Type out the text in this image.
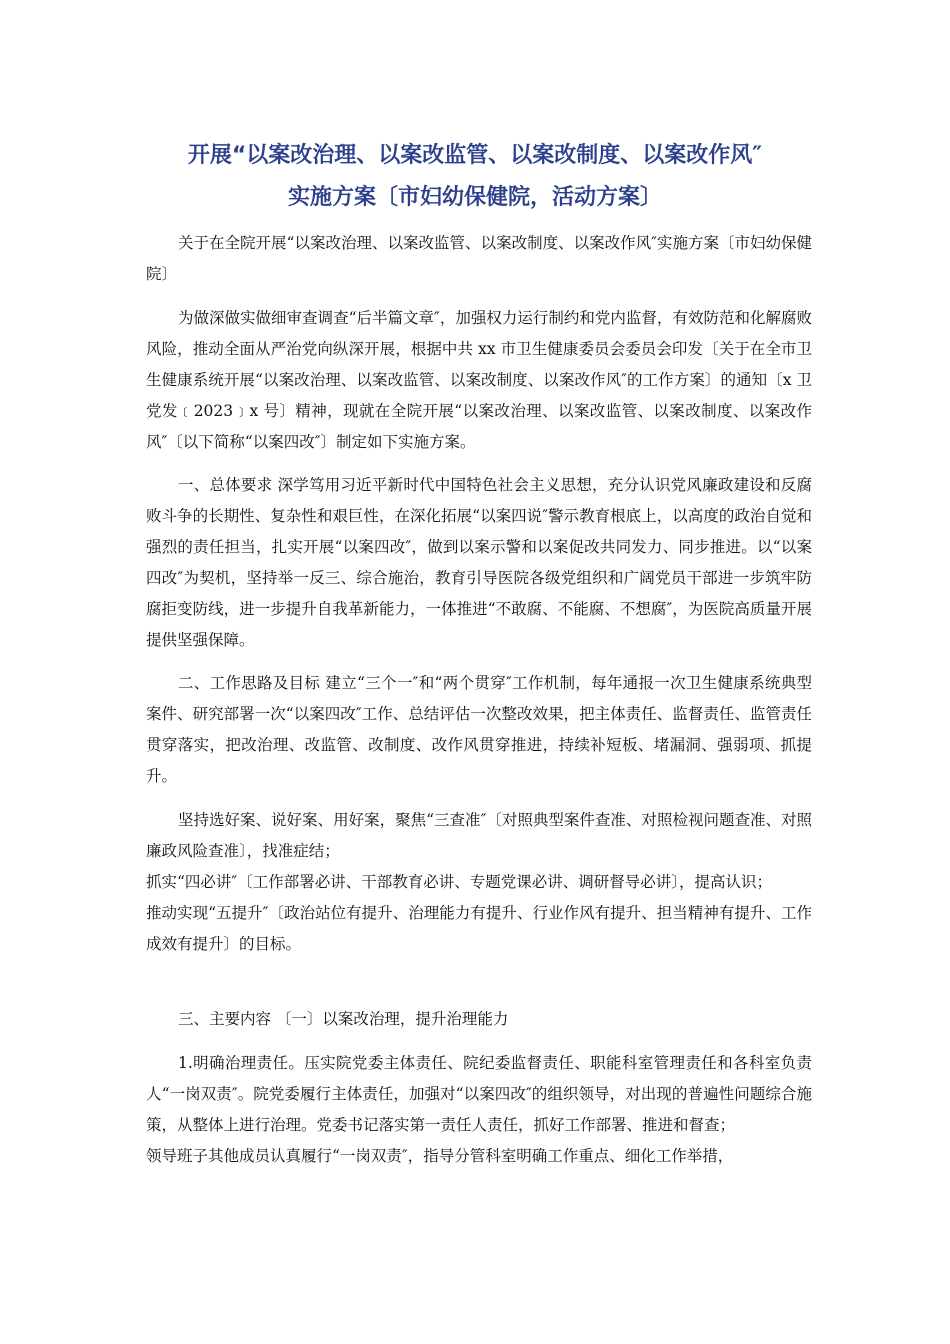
开展“以案改治理、以案改监管、以案改制度、以案改作风″
实施方案〔市妇幼保健院，活动方案〕

关于在全院开展“以案改治理、以案改监管、以案改制度、以案改作风″实施方案〔市妇幼保健院〕

为做深做实做细审查调查“后半篇文章″，加强权力运行制约和党内监督，有效防范和化解腐败风险，推动全面从严治党向纵深开展，根据中共 xx 市卫生健康委员会委员会印发〔关于在全市卫生健康系统开展“以案改治理、以案改监管、以案改制度、以案改作风″的工作方案〕的通知〔x 卫党发﹝2023﹞x 号〕精神，现就在全院开展“以案改治理、以案改监管、以案改制度、以案改作风″〔以下简称“以案四改″〕制定如下实施方案。

一、总体要求 深学笃用习近平新时代中国特色社会主义思想，充分认识党风廉政建设和反腐败斗争的长期性、复杂性和艰巨性，在深化拓展“以案四说″警示教育根底上，以高度的政治自觉和强烈的责任担当，扎实开展“以案四改″，做到以案示警和以案促改共同发力、同步推进。以“以案四改″为契机，坚持举一反三、综合施治，教育引导医院各级党组织和广阔党员干部进一步筑牢防腐拒变防线，进一步提升自我革新能力，一体推进“不敢腐、不能腐、不想腐″，为医院高质量开展提供坚强保障。

二、工作思路及目标 建立“三个一″和“两个贯穿″工作机制，每年通报一次卫生健康系统典型案件、研究部署一次“以案四改″工作、总结评估一次整改效果，把主体责任、监督责任、监管责任贯穿落实，把改治理、改监管、改制度、改作风贯穿推进，持续补短板、堵漏洞、强弱项、抓提升。

坚持选好案、说好案、用好案，聚焦“三查准″〔对照典型案件查准、对照检视问题查准、对照廉政风险查准〕，找准症结；

抓实“四必讲″〔工作部署必讲、干部教育必讲、专题党课必讲、调研督导必讲〕，提高认识；

推动实现“五提升″〔政治站位有提升、治理能力有提升、行业作风有提升、担当精神有提升、工作成效有提升〕的目标。

三、主要内容 〔一〕以案改治理，提升治理能力

1.明确治理责任。压实院党委主体责任、院纪委监督责任、职能科室管理责任和各科室负责人“一岗双责″。院党委履行主体责任，加强对“以案四改″的组织领导，对出现的普遍性问题综合施策，从整体上进行治理。党委书记落实第一责任人责任，抓好工作部署、推进和督查；

领导班子其他成员认真履行“一岗双责″，指导分管科室明确工作重点、细化工作举措，
